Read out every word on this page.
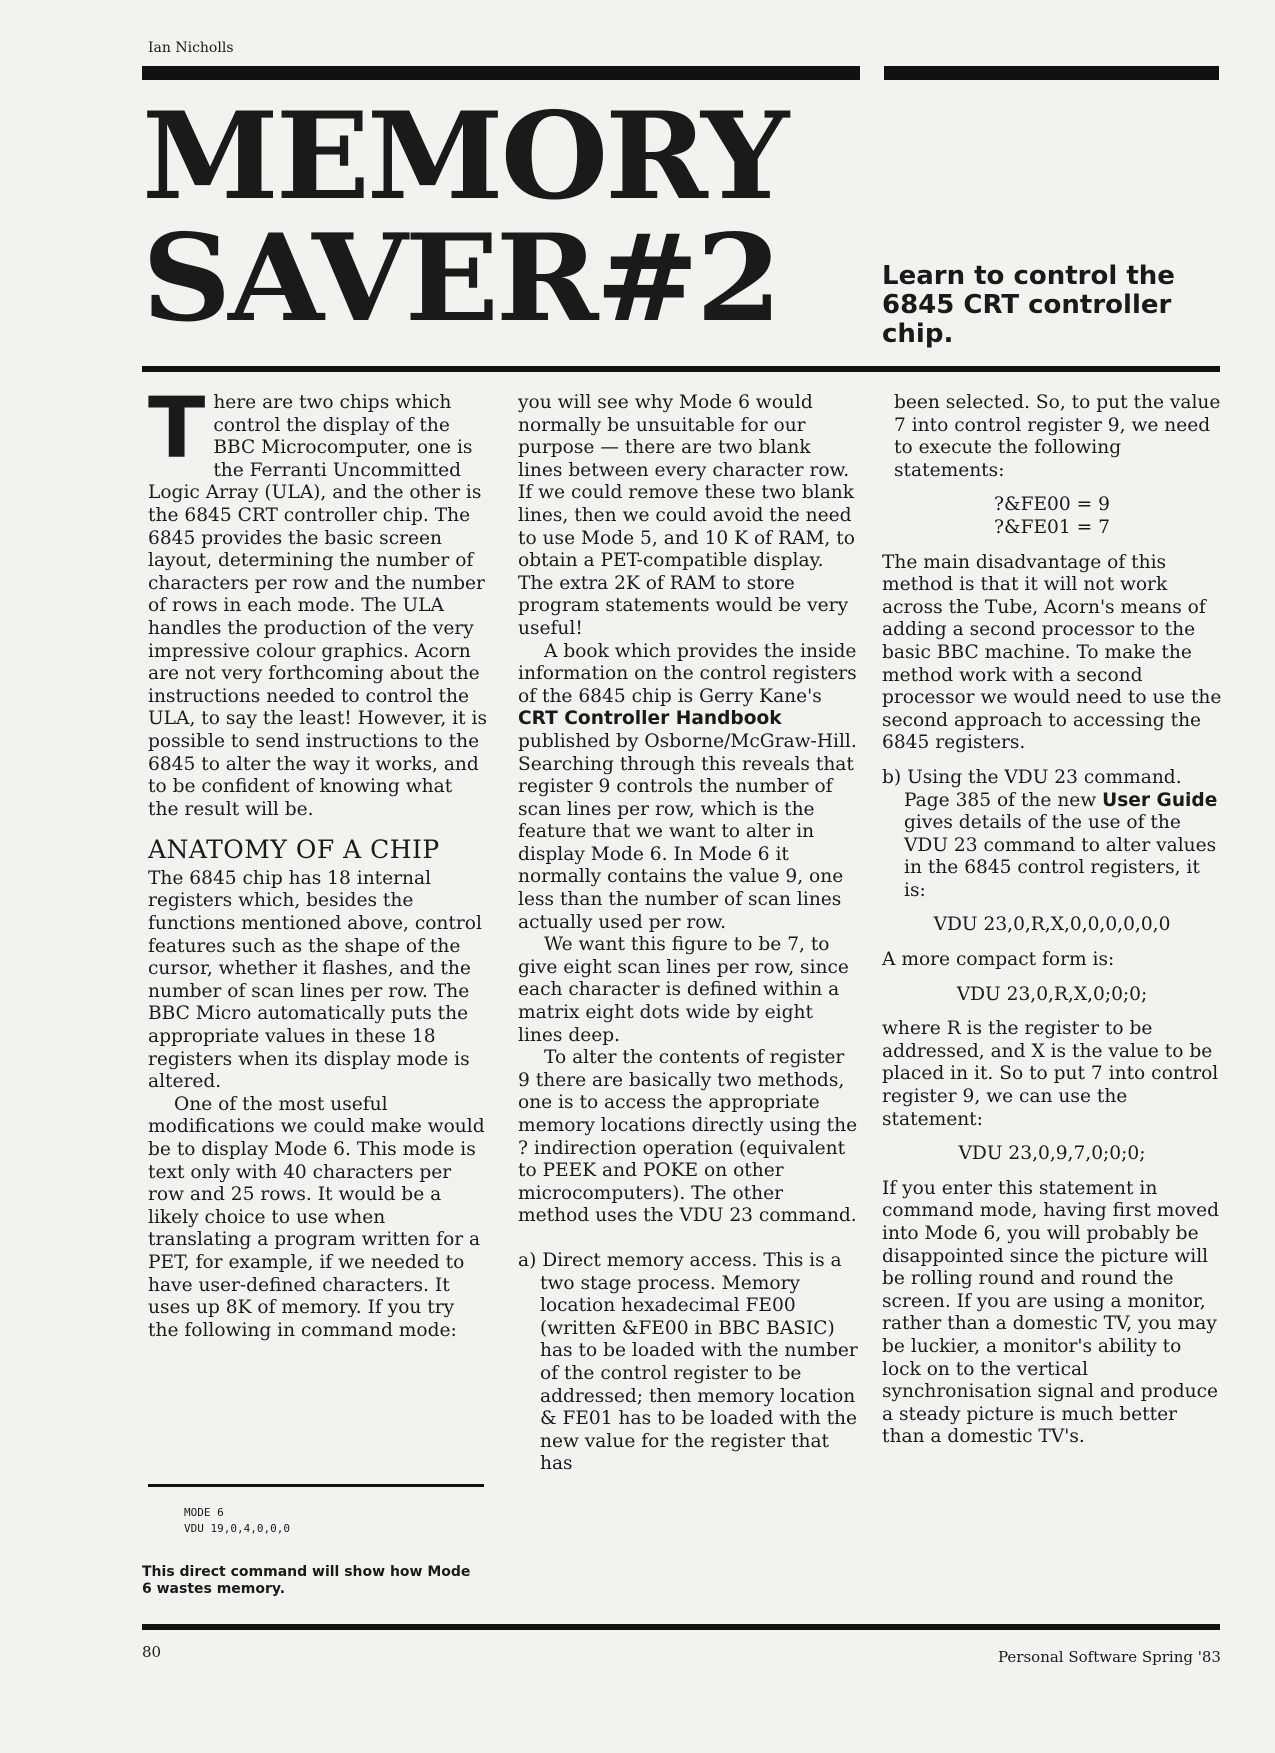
Ian Nicholls
MEMORY
SAVER#2	Learn to control the 6845 CRT controller chip.

T here are two chips which control the display of the BBC Microcomputer, one is the Ferranti Uncommitted Logic Array (ULA), and the other is the 6845 CRT controller chip. The 6845 provides the basic screen layout, determining the number of characters per row and the number of rows in each mode. The ULA handles the production of the very impressive colour graphics. Acorn are not very forthcoming about the instructions needed to control the ULA, to say the least! However, it is possible to send instructions to the 6845 to alter the way it works, and to be confident of knowing what the result will be.

ANATOMY OF A CHIP

The 6845 chip has 18 internal registers which, besides the functions mentioned above, control features such as the shape of the cursor, whether it flashes, and the number of scan lines per row. The BBC Micro automatically puts the appropriate values in these 18 registers when its display mode is altered.

One of the most useful modifications we could make would be to display Mode 6. This mode is text only with 40 characters per row and 25 rows. It would be a likely choice to use when translating a program written for a PET, for example, if we needed to have user-defined characters. It uses up 8K of memory. If you try the following in command mode:

MODE 6
VDU 19,0,4,0,0,0
This direct command will show how Mode 6 wastes memory.

you will see why Mode 6 would normally be unsuitable for our purpose — there are two blank lines between every character row. If we could remove these two blank lines, then we could avoid the need to use Mode 5, and 10 K of RAM, to obtain a PET-compatible display. The extra 2K of RAM to store program statements would be very useful!

A book which provides the inside information on the control registers of the 6845 chip is Gerry Kane's CRT Controller Handbook published by Osborne/McGraw-Hill. Searching through this reveals that register 9 controls the number of scan lines per row, which is the feature that we want to alter in display Mode 6. In Mode 6 it normally contains the value 9, one less than the number of scan lines actually used per row.

We want this figure to be 7, to give eight scan lines per row, since each character is defined within a matrix eight dots wide by eight lines deep.

To alter the contents of register 9 there are basically two methods, one is to access the appropriate memory locations directly using the ? indirection operation (equivalent to PEEK and POKE on other microcomputers). The other method uses the VDU 23 command.

a) Direct memory access. This is a two stage process. Memory location hexadecimal FE00 (written &FE00 in BBC BASIC) has to be loaded with the number of the control register to be addressed; then memory location & FE01 has to be loaded with the new value for the register that has

been selected. So, to put the value 7 into control register 9, we need to execute the following statements:

?&FE00 = 9

?&FE01 = 7

The main disadvantage of this method is that it will not work across the Tube, Acorn's means of adding a second processor to the basic BBC machine. To make the method work with a second processor we would need to use the second approach to accessing the 6845 registers.

b) Using the VDU 23 command. Page 385 of the new User Guide gives details of the use of the VDU 23 command to alter values in the 6845 control registers, it is:

VDU 23,0,R,X,0,0,0,0,0,0

A more compact form is:

VDU 23,0,R,X,0;0;0;

where R is the register to be addressed, and X is the value to be placed in it. So to put 7 into control register 9, we can use the statement:

VDU 23,0,9,7,0;0;0;

If you enter this statement in command mode, having first moved into Mode 6, you will probably be disappointed since the picture will be rolling round and round the screen. If you are using a monitor, rather than a domestic TV, you may be luckier, a monitor's ability to lock on to the vertical synchronisation signal and produce a steady picture is much better than a domestic TV's.

80	Personal Software Spring '83
